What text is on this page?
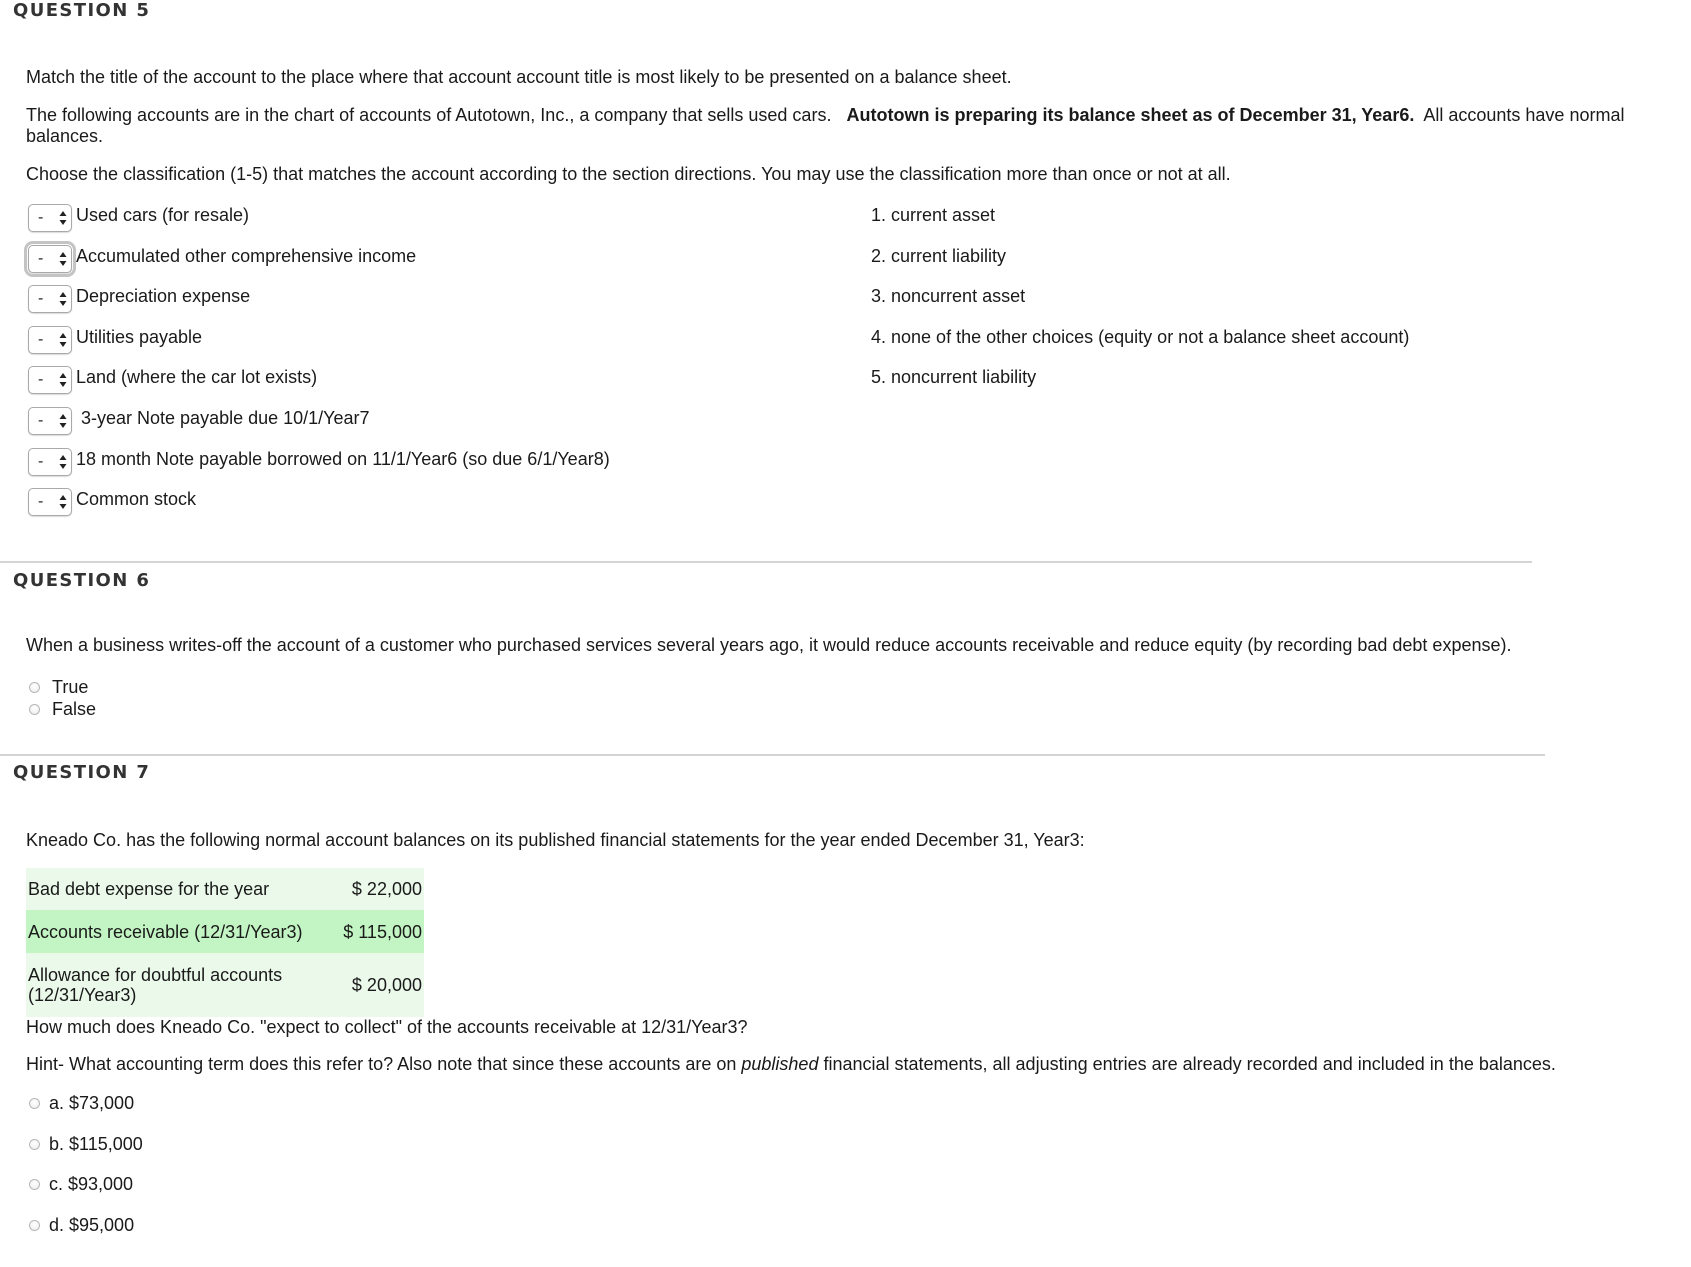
QUESTION 5

Match the title of the account to the place where that account account title is most likely to be presented on a balance sheet.

The following accounts are in the chart of accounts of Autotown, Inc., a company that sells used cars. Autotown is preparing its balance sheet as of December 31, Year6. All accounts have normal balances.

Choose the classification (1-5) that matches the account according to the section directions. You may use the classification more than once or not at all.

- Used cars (for resale)
- Accumulated other comprehensive income
- Depreciation expense
- Utilities payable
- Land (where the car lot exists)
- 3-year Note payable due 10/1/Year7
- 18 month Note payable borrowed on 11/1/Year6 (so due 6/1/Year8)
- Common stock
1. current asset
2. current liability
3. noncurrent asset
4. none of the other choices (equity or not a balance sheet account)
5. noncurrent liability
QUESTION 6

When a business writes-off the account of a customer who purchased services several years ago, it would reduce accounts receivable and reduce equity (by recording bad debt expense).

True
False
QUESTION 7

Kneado Co. has the following normal account balances on its published financial statements for the year ended December 31, Year3:

Bad debt expense for the year	$ 22,000
Accounts receivable (12/31/Year3)	$ 115,000
Allowance for doubtful accounts (12/31/Year3)	$ 20,000

How much does Kneado Co. "expect to collect" of the accounts receivable at 12/31/Year3?

Hint- What accounting term does this refer to? Also note that since these accounts are on published financial statements, all adjusting entries are already recorded and included in the balances.

a. $73,000
b. $115,000
c. $93,000
d. $95,000
